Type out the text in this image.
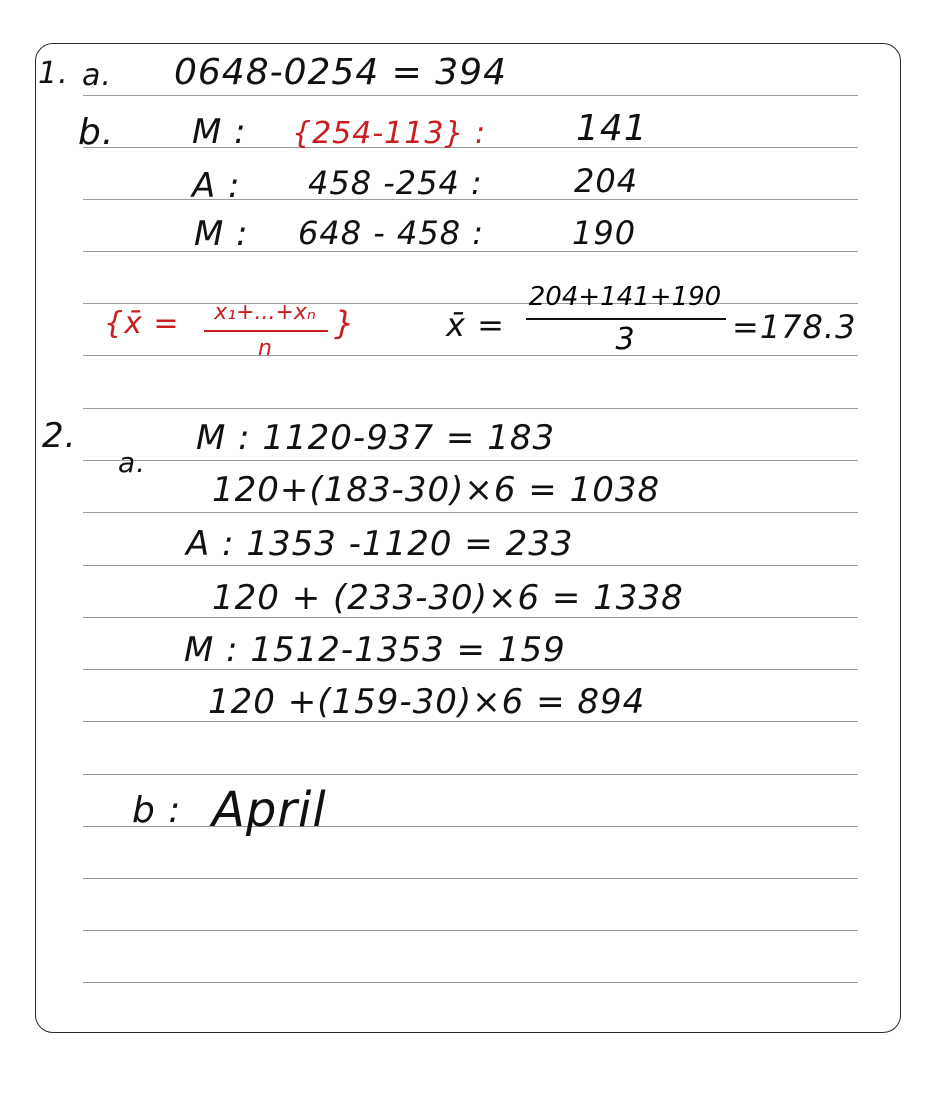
1. a. 0648-0254 = 394
b. M : {254-113} : 141
A : 458 -254 :	204
M : 648 - 458 :	190
{x̄ =	x₁+...+xₙ
n
}	x̄ =
204+141+190
3	=178.3
2.
a.
M : 1120-937 = 183
120+(183-30)×6 = 1038
A : 1353 -1120 = 233
120 + (233-30)×6 = 1338
M : 1512-1353 = 159
120 +(159-30)×6 = 894
b : April
